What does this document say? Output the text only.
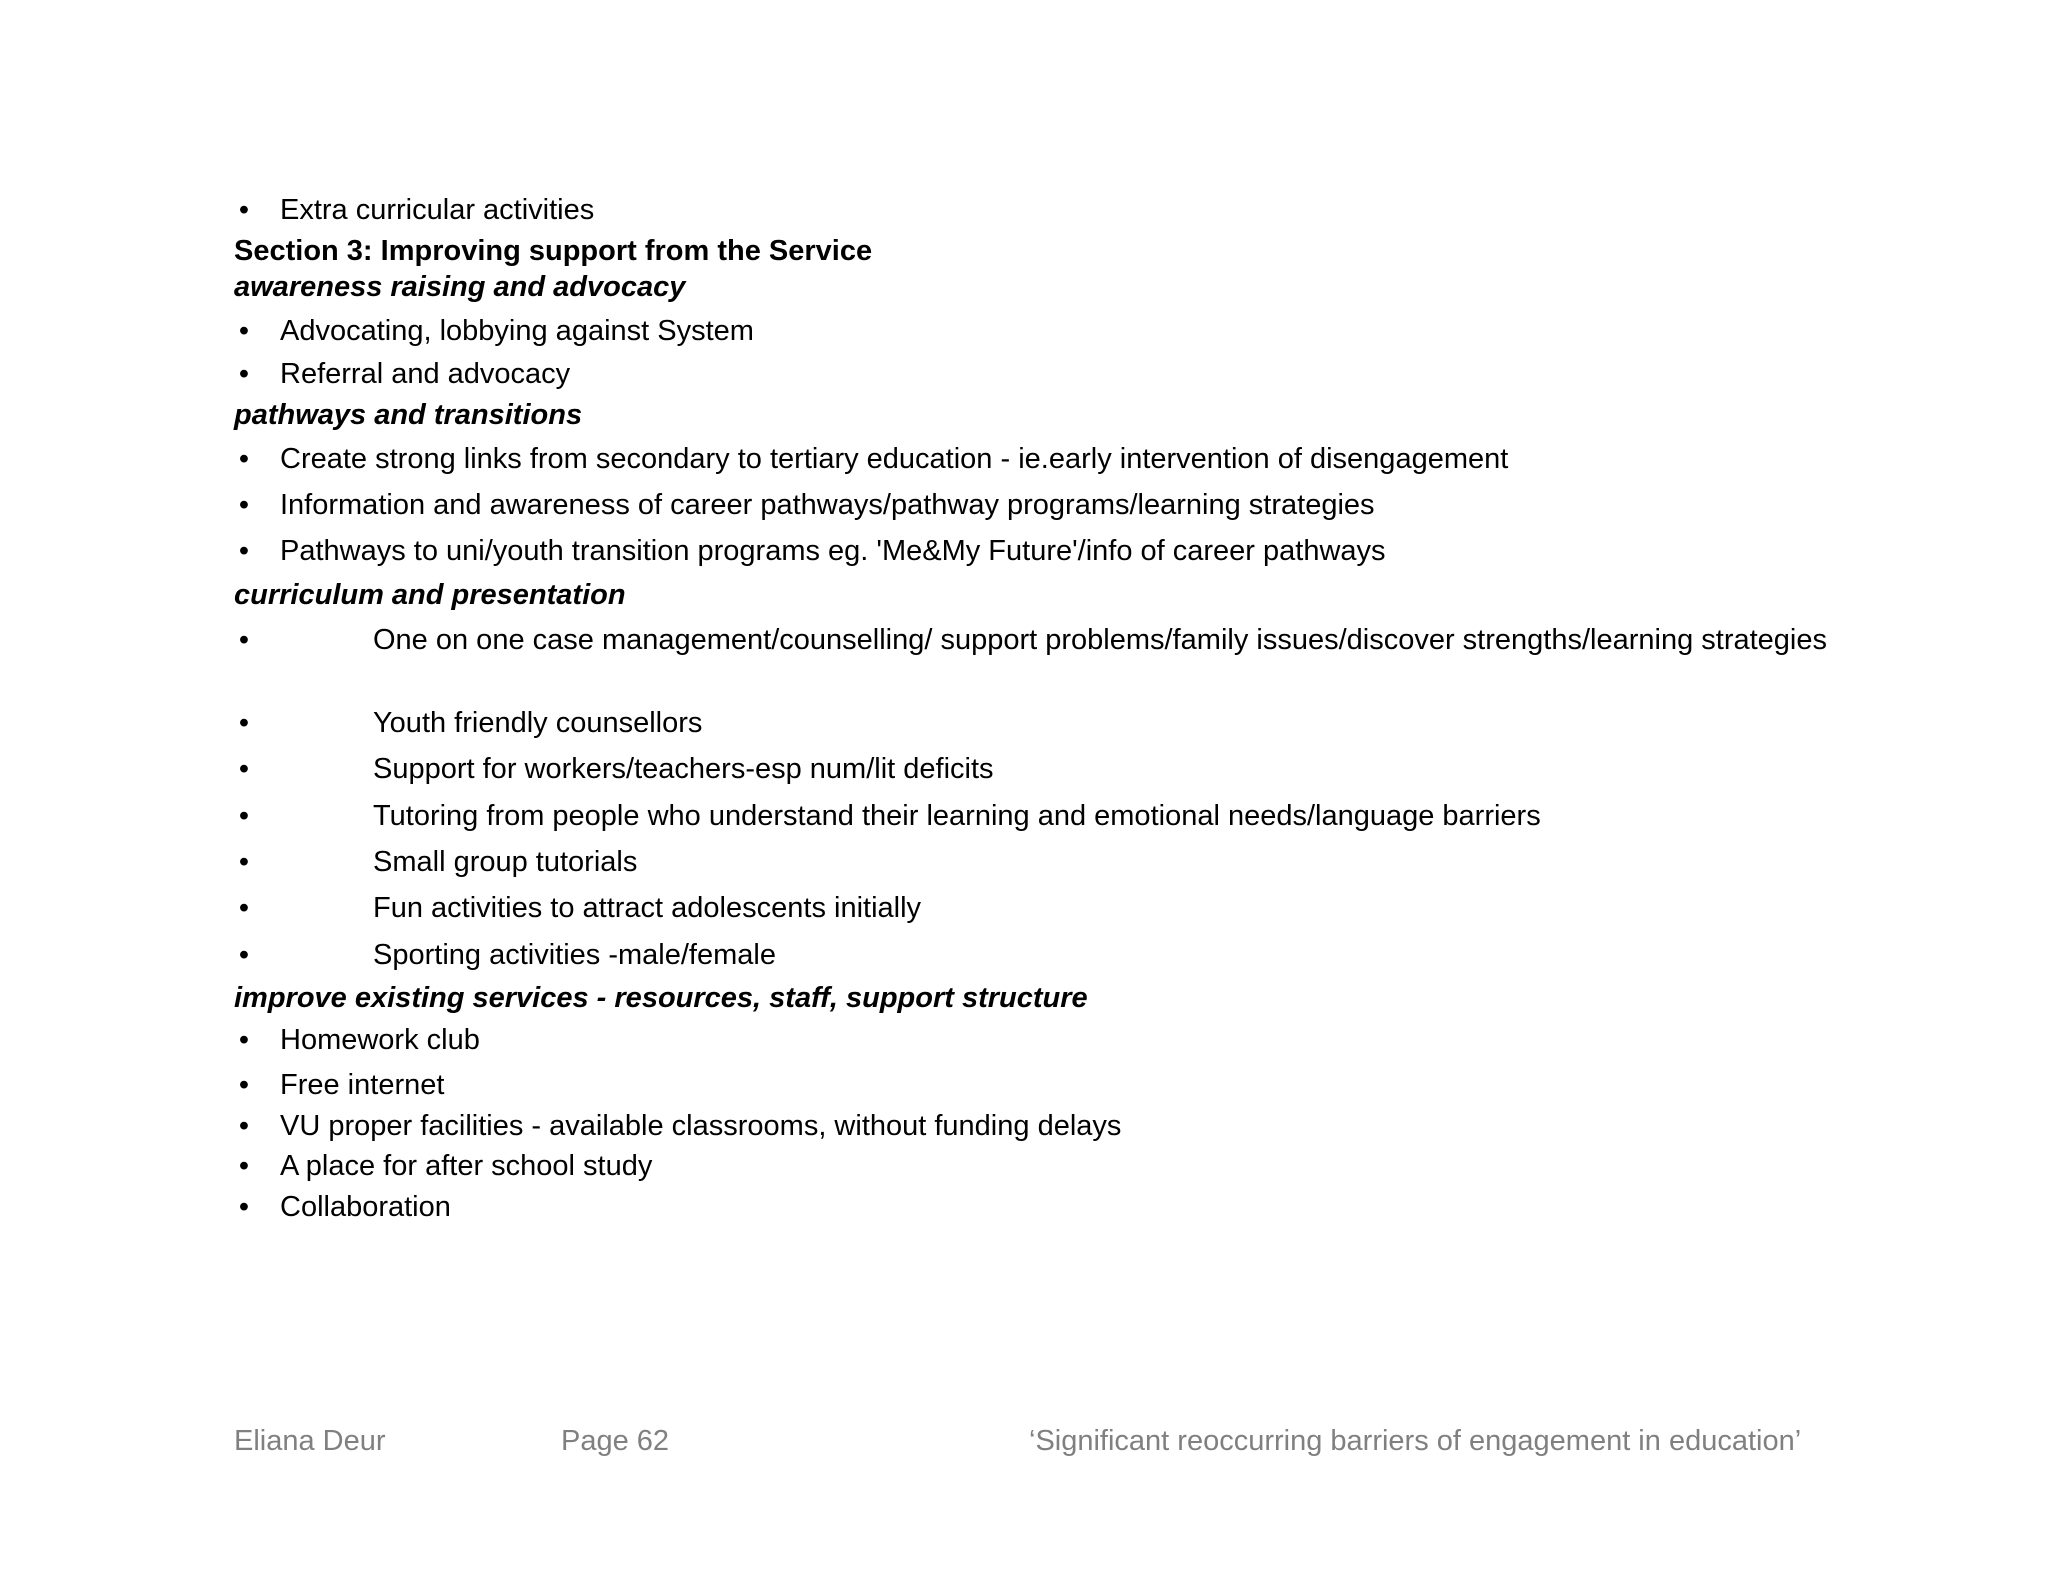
• Extra curricular activities
Section 3: Improving support from the Service
awareness raising and advocacy
• Advocating, lobbying against System
• Referral and advocacy
pathways and transitions
• Create strong links from secondary to tertiary education - ie.early intervention of disengagement
• Information and awareness of career pathways/pathway programs/learning strategies
• Pathways to uni/youth transition programs eg. 'Me&My Future'/info of career pathways
curriculum and presentation
•	One on one case management/counselling/ support problems/family issues/discover strengths/learning strategies
•	Youth friendly counsellors
•	Support for workers/teachers-esp num/lit deficits
•	Tutoring from people who understand their learning and emotional needs/language barriers
•	Small group tutorials
•	Fun activities to attract adolescents initially
•	Sporting activities -male/female
improve existing services - resources, staff, support structure
• Homework club
• Free internet
• VU proper facilities - available classrooms, without funding delays
• A place for after school study
• Collaboration
Eliana Deur	Page 62	‘Significant reoccurring barriers of engagement in education’
